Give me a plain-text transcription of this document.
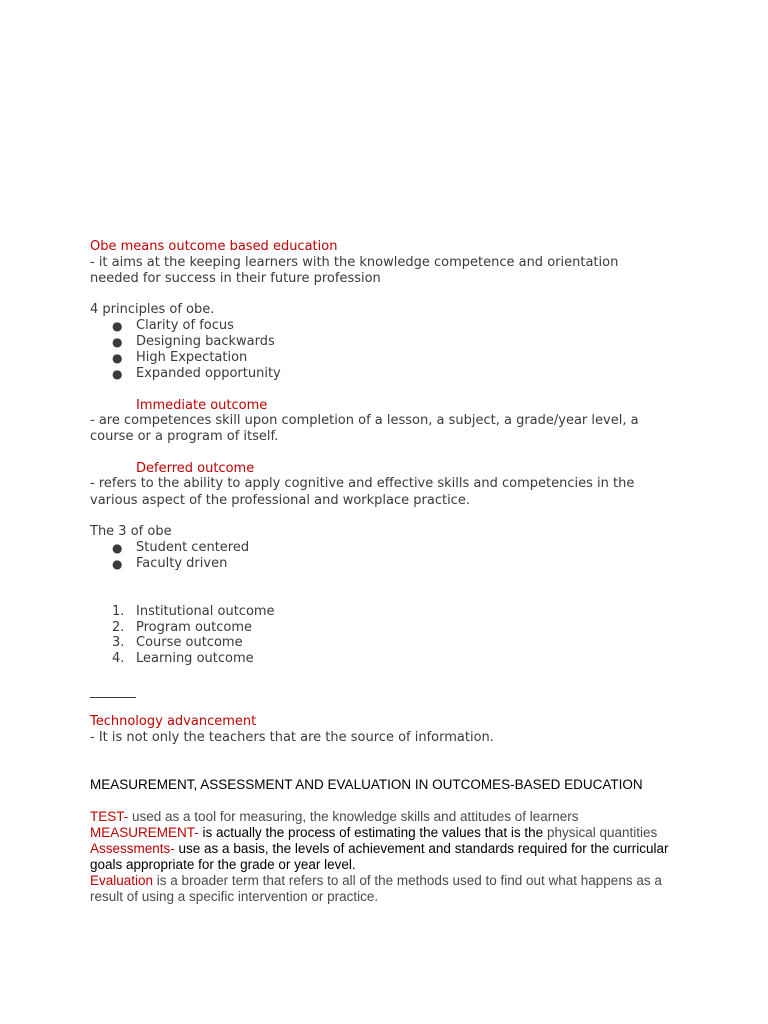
Obe means outcome based education
- it aims at the keeping learners with the knowledge competence and orientation
needed for success in their future profession
4 principles of obe.
● Clarity of focus
● Designing backwards
● High Expectation
● Expanded opportunity
Immediate outcome
- are competences skill upon completion of a lesson, a subject, a grade/year level, a
course or a program of itself.
Deferred outcome
- refers to the ability to apply cognitive and effective skills and competencies in the
various aspect of the professional and workplace practice.
The 3 of obe
● Student centered
● Faculty driven
1. Institutional outcome
2. Program outcome
3. Course outcome
4. Learning outcome
Technology advancement
- It is not only the teachers that are the source of information.
MEASUREMENT, ASSESSMENT AND EVALUATION IN OUTCOMES-BASED EDUCATION
TEST- used as a tool for measuring, the knowledge skills and attitudes of learners
MEASUREMENT- is actually the process of estimating the values that is the physical quantities
Assessments- use as a basis, the levels of achievement and standards required for the curricular
goals appropriate for the grade or year level.
Evaluation is a broader term that refers to all of the methods used to find out what happens as a
result of using a specific intervention or practice.
